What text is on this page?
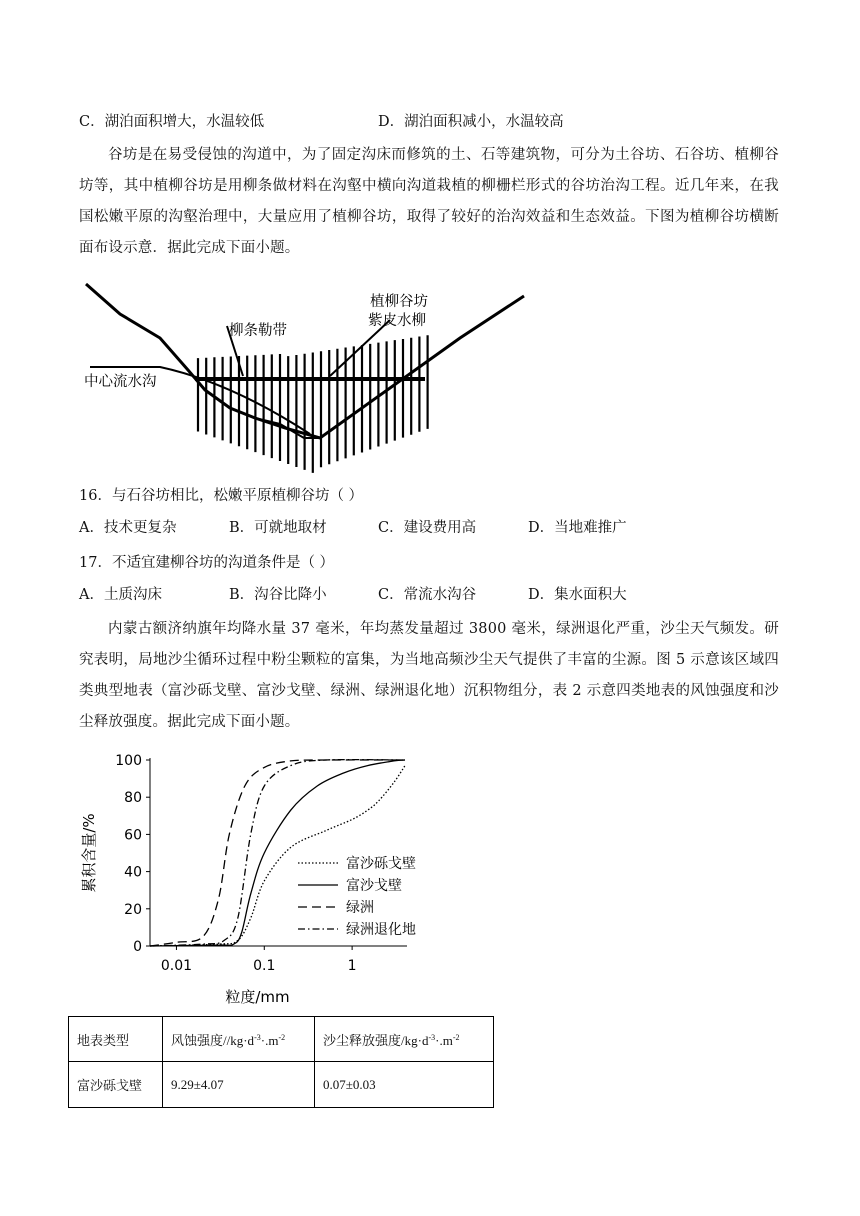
C．湖泊面积增大，水温较低	D．湖泊面积减小，水温较高
谷坊是在易受侵蚀的沟道中，为了固定沟床而修筑的土、石等建筑物，可分为土谷坊、石谷坊、植柳谷坊等，其中植柳谷坊是用柳条做材料在沟壑中横向沟道栽植的柳栅栏形式的谷坊治沟工程。近几年来，在我国松嫩平原的沟壑治理中，大量应用了植柳谷坊，取得了较好的治沟效益和生态效益。下图为植柳谷坊横断面布设示意．据此完成下面小题。
柳条勒带
植柳谷坊
紫皮水柳
中心流水沟
16．与石谷坊相比，松嫩平原植柳谷坊（ ）
A．技术更复杂	B．可就地取材	C．建设费用高	D．当地难推广
17．不适宜建柳谷坊的沟道条件是（ ）
A．土质沟床	B．沟谷比降小	C．常流水沟谷	D．集水面积大
内蒙古额济纳旗年均降水量 37 毫米，年均蒸发量超过 3800 毫米，绿洲退化严重，沙尘天气频发。研究表明，局地沙尘循环过程中粉尘颗粒的富集，为当地高频沙尘天气提供了丰富的尘源。图 5 示意该区域四类典型地表（富沙砾戈壁、富沙戈壁、绿洲、绿洲退化地）沉积物组分，表 2 示意四类地表的风蚀强度和沙尘释放强度。据此完成下面小题。
0
20
40
60
80
100
0.01	0.1	1
粒度/mm
累积含量/%	富沙砾戈壁
富沙戈壁
绿洲
绿洲退化地
地表类型	风蚀强度$//kg\cdot d^{-3}\cdot.m^{-2}$	沙尘释放强度$/kg\cdot d^{-3}\cdot.m^{-2}$
富沙砾戈壁	9.29±4.07	0.07±0.03
